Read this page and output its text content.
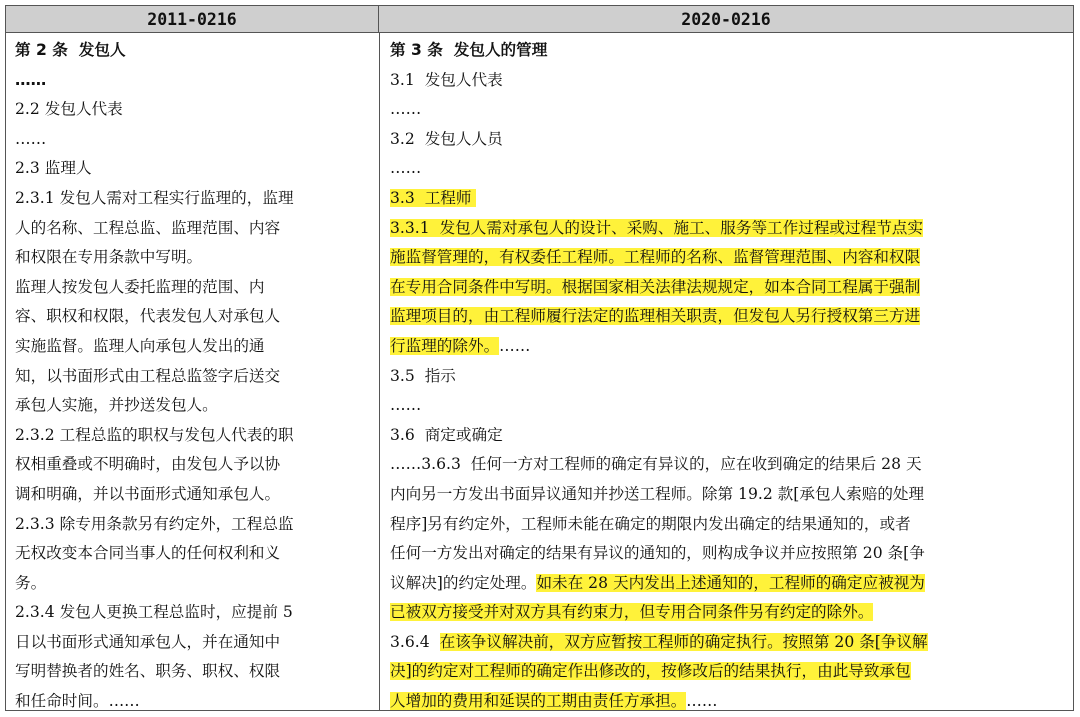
2011-0216	2020-0216
第 2 条  发包人
……
2.2 发包人代表
……
2.3 监理人
2.3.1 发包人需对工程实行监理的，监理
人的名称、工程总监、监理范围、内容
和权限在专用条款中写明。
监理人按发包人委托监理的范围、内
容、职权和权限，代表发包人对承包人
实施监督。监理人向承包人发出的通
知，以书面形式由工程总监签字后送交
承包人实施，并抄送发包人。
2.3.2 工程总监的职权与发包人代表的职
权相重叠或不明确时，由发包人予以协
调和明确，并以书面形式通知承包人。
2.3.3 除专用条款另有约定外，工程总监
无权改变本合同当事人的任何权利和义
务。
2.3.4 发包人更换工程总监时，应提前 5
日以书面形式通知承包人，并在通知中
写明替换者的姓名、职务、职权、权限
和任命时间。……
第 3 条  发包人的管理
3.1  发包人代表
……
3.2  发包人人员
……
3.3  工程师
3.3.1  发包人需对承包人的设计、采购、施工、服务等工作过程或过程节点实
施监督管理的，有权委任工程师。工程师的名称、监督管理范围、内容和权限
在专用合同条件中写明。根据国家相关法律法规规定，如本合同工程属于强制
监理项目的，由工程师履行法定的监理相关职责，但发包人另行授权第三方进
行监理的除外。……
3.5  指示
……
3.6  商定或确定
……3.6.3  任何一方对工程师的确定有异议的，应在收到确定的结果后 28 天
内向另一方发出书面异议通知并抄送工程师。除第 19.2 款[承包人索赔的处理
程序]另有约定外，工程师未能在确定的期限内发出确定的结果通知的，或者
任何一方发出对确定的结果有异议的通知的，则构成争议并应按照第 20 条[争
议解决]的约定处理。如未在 28 天内发出上述通知的，工程师的确定应被视为
已被双方接受并对双方具有约束力，但专用合同条件另有约定的除外。
3.6.4  在该争议解决前，双方应暂按工程师的确定执行。按照第 20 条[争议解
决]的约定对工程师的确定作出修改的，按修改后的结果执行，由此导致承包
人增加的费用和延误的工期由责任方承担。……
